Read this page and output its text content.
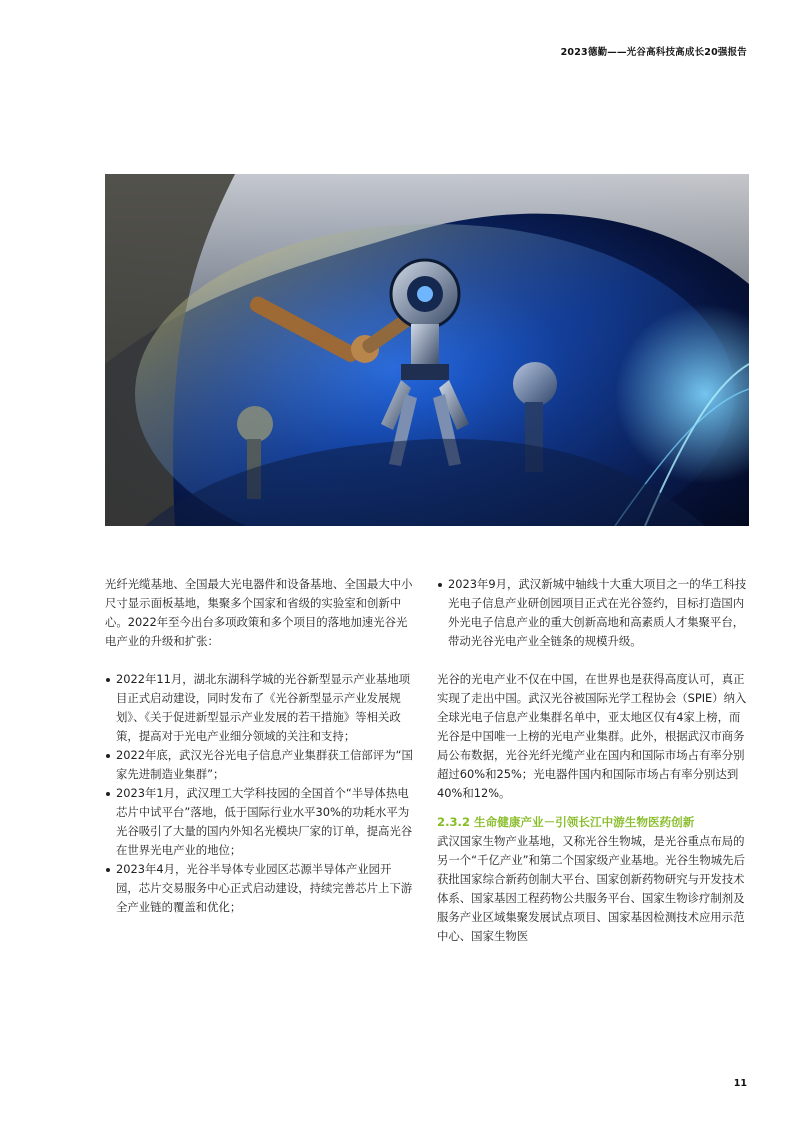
2023德勤——光谷高科技高成长20强报告

光纤光缆基地、全国最大光电器件和设备基地、全国最大中小尺寸显示面板基地，集聚多个国家和省级的实验室和创新中心。2022年至今出台多项政策和多个项目的落地加速光谷光电产业的升级和扩张：

2022年11月，湖北东湖科学城的光谷新型显示产业基地项目正式启动建设，同时发布了《光谷新型显示产业发展规划》、《关于促进新型显示产业发展的若干措施》等相关政策，提高对于光电产业细分领域的关注和支持；
2022年底，武汉光谷光电子信息产业集群获工信部评为“国家先进制造业集群”；
2023年1月，武汉理工大学科技园的全国首个“半导体热电芯片中试平台”落地，低于国际行业水平30%的功耗水平为光谷吸引了大量的国内外知名光模块厂家的订单，提高光谷在世界光电产业的地位；
2023年4月，光谷半导体专业园区芯源半导体产业园开园，芯片交易服务中心正式启动建设，持续完善芯片上下游全产业链的覆盖和优化；
2023年9月，武汉新城中轴线十大重大项目之一的华工科技光电子信息产业研创园项目正式在光谷签约，目标打造国内外光电子信息产业的重大创新高地和高素质人才集聚平台，带动光谷光电产业全链条的规模升级。

光谷的光电产业不仅在中国，在世界也是获得高度认可，真正实现了走出中国。武汉光谷被国际光学工程协会（SPIE）纳入全球光电子信息产业集群名单中，亚太地区仅有4家上榜，而光谷是中国唯一上榜的光电产业集群。此外，根据武汉市商务局公布数据，光谷光纤光缆产业在国内和国际市场占有率分别超过60%和25%；光电器件国内和国际市场占有率分别达到40%和12%。

2.3.2 生命健康产业－引领长江中游生物医药创新

武汉国家生物产业基地，又称光谷生物城，是光谷重点布局的另一个“千亿产业”和第二个国家级产业基地。光谷生物城先后获批国家综合新药创制大平台、国家创新药物研究与开发技术体系、国家基因工程药物公共服务平台、国家生物诊疗制剂及服务产业区域集聚发展试点项目、国家基因检测技术应用示范中心、国家生物医

11
